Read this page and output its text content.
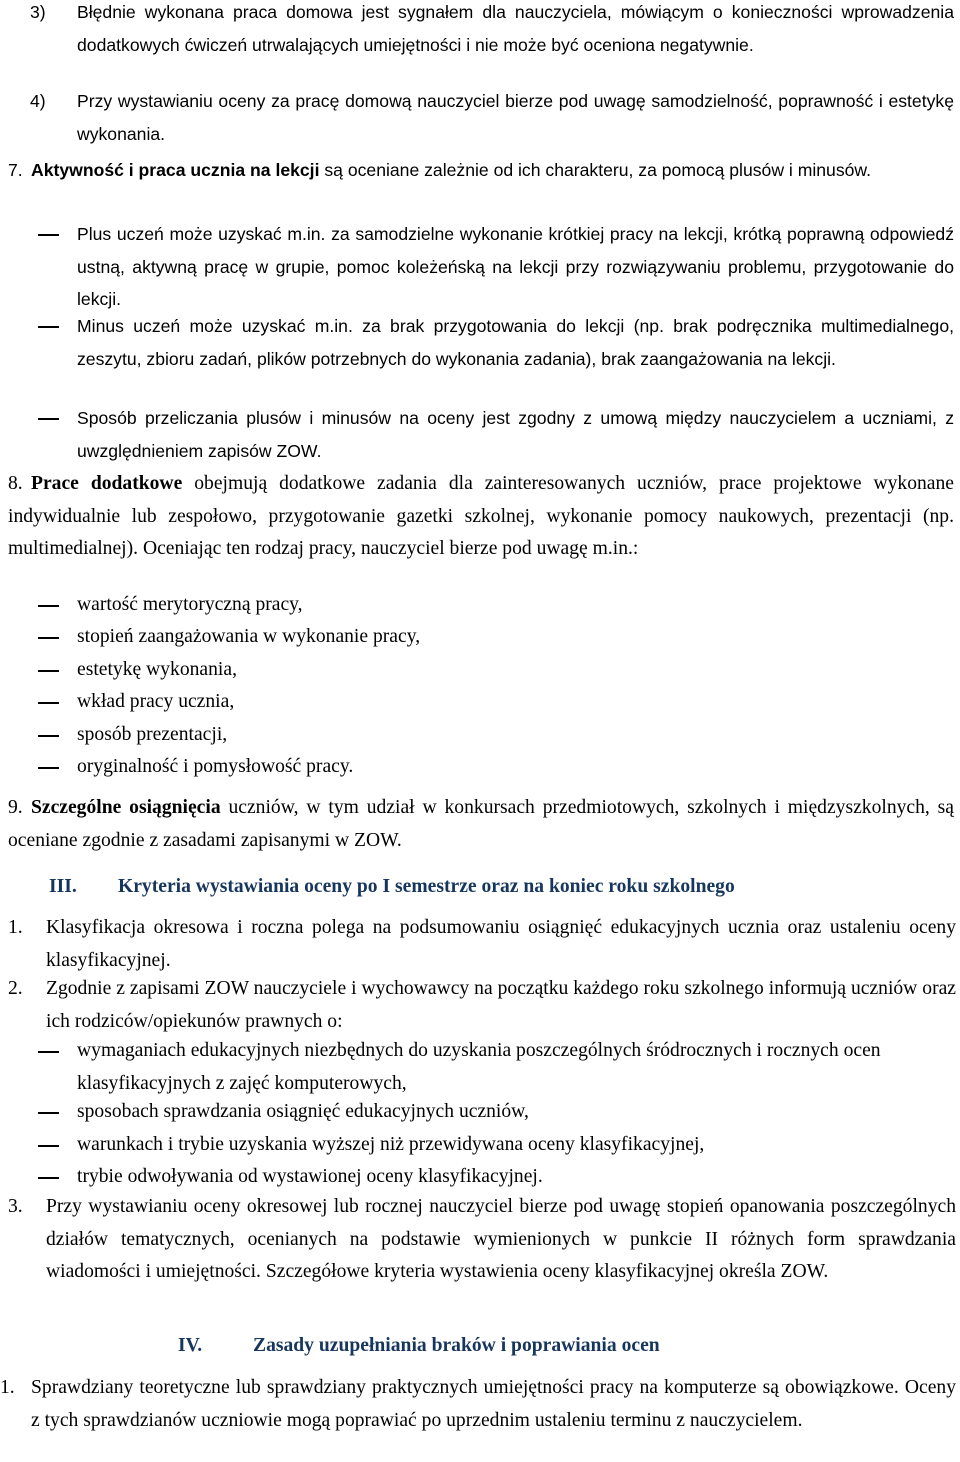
3) Błędnie wykonana praca domowa jest sygnałem dla nauczyciela, mówiącym o konieczności wprowadzenia dodatkowych ćwiczeń utrwalających umiejętności i nie może być oceniona negatywnie.
4) Przy wystawianiu oceny za pracę domową nauczyciel bierze pod uwagę samodzielność, poprawność i estetykę wykonania.
7. Aktywność i praca ucznia na lekcji są oceniane zależnie od ich charakteru, za pomocą plusów i minusów.
Plus uczeń może uzyskać m.in. za samodzielne wykonanie krótkiej pracy na lekcji, krótką poprawną odpowiedź ustną, aktywną pracę w grupie, pomoc koleżeńską na lekcji przy rozwiązywaniu problemu, przygotowanie do lekcji.
Minus uczeń może uzyskać m.in. za brak przygotowania do lekcji (np. brak podręcznika multimedialnego, zeszytu, zbioru zadań, plików potrzebnych do wykonania zadania), brak zaangażowania na lekcji.
Sposób przeliczania plusów i minusów na oceny jest zgodny z umową między nauczycielem a uczniami, z uwzględnieniem zapisów ZOW.
8. Prace dodatkowe obejmują dodatkowe zadania dla zainteresowanych uczniów, prace projektowe wykonane indywidualnie lub zespołowo, przygotowanie gazetki szkolnej, wykonanie pomocy naukowych, prezentacji (np. multimedialnej). Oceniając ten rodzaj pracy, nauczyciel bierze pod uwagę m.in.:
wartość merytoryczną pracy,
stopień zaangażowania w wykonanie pracy,
estetykę wykonania,
wkład pracy ucznia,
sposób prezentacji,
oryginalność i pomysłowość pracy.
9. Szczególne osiągnięcia uczniów, w tym udział w konkursach przedmiotowych, szkolnych i międzyszkolnych, są oceniane zgodnie z zasadami zapisanymi w ZOW.
III. Kryteria wystawiania oceny po I semestrze oraz na koniec roku szkolnego
1. Klasyfikacja okresowa i roczna polega na podsumowaniu osiągnięć edukacyjnych ucznia oraz ustaleniu oceny klasyfikacyjnej.
2. Zgodnie z zapisami ZOW nauczyciele i wychowawcy na początku każdego roku szkolnego informują uczniów oraz ich rodziców/opiekunów prawnych o:
wymaganiach edukacyjnych niezbędnych do uzyskania poszczególnych śródrocznych i rocznych ocen klasyfikacyjnych z zajęć komputerowych,
sposobach sprawdzania osiągnięć edukacyjnych uczniów,
warunkach i trybie uzyskania wyższej niż przewidywana oceny klasyfikacyjnej,
trybie odwoływania od wystawionej oceny klasyfikacyjnej.
3. Przy wystawianiu oceny okresowej lub rocznej nauczyciel bierze pod uwagę stopień opanowania poszczególnych działów tematycznych, ocenianych na podstawie wymienionych w punkcie II różnych form sprawdzania wiadomości i umiejętności. Szczegółowe kryteria wystawienia oceny klasyfikacyjnej określa ZOW.
IV.	Zasady uzupełniania braków i poprawiania ocen
1. Sprawdziany teoretyczne lub sprawdziany praktycznych umiejętności pracy na komputerze są obowiązkowe. Oceny z tych sprawdzianów uczniowie mogą poprawiać po uprzednim ustaleniu terminu z nauczycielem.
